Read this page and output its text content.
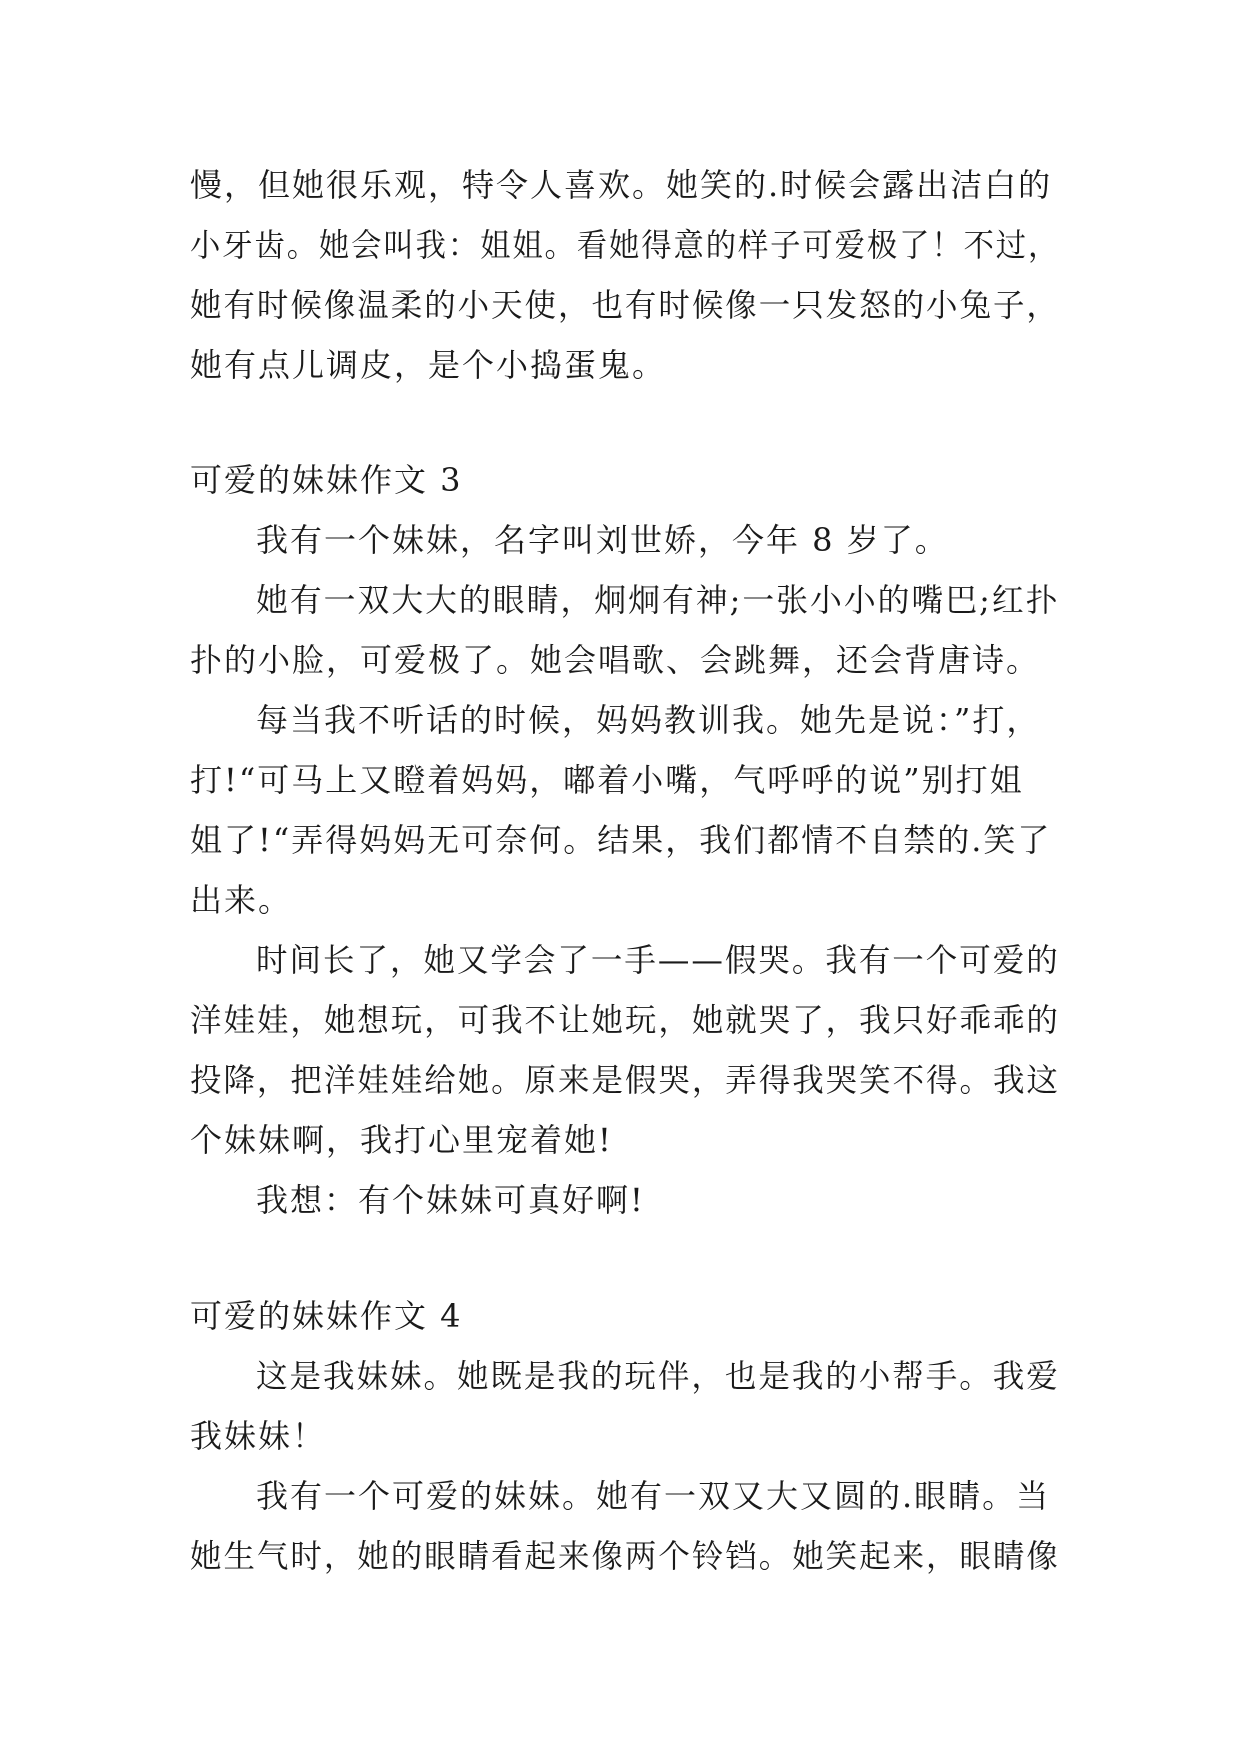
慢，但她很乐观，特令人喜欢。她笑的.时候会露出洁白的
小牙齿。她会叫我：姐姐。看她得意的样子可爱极了！不过，
她有时候像温柔的小天使，也有时候像一只发怒的小兔子，
她有点儿调皮，是个小捣蛋鬼。
可爱的妹妹作文 3
我有一个妹妹，名字叫刘世娇，今年 8 岁了。
她有一双大大的眼睛，炯炯有神;一张小小的嘴巴;红扑
扑的小脸，可爱极了。她会唱歌、会跳舞，还会背唐诗。
每当我不听话的时候，妈妈教训我。她先是说：”打，
打!“可马上又瞪着妈妈，嘟着小嘴，气呼呼的说”别打姐
姐了!“弄得妈妈无可奈何。结果，我们都情不自禁的.笑了
出来。
时间长了，她又学会了一手——假哭。我有一个可爱的
洋娃娃，她想玩，可我不让她玩，她就哭了，我只好乖乖的
投降，把洋娃娃给她。原来是假哭，弄得我哭笑不得。我这
个妹妹啊，我打心里宠着她!
我想：有个妹妹可真好啊!
可爱的妹妹作文 4
这是我妹妹。她既是我的玩伴，也是我的小帮手。我爱
我妹妹！
我有一个可爱的妹妹。她有一双又大又圆的.眼睛。当
她生气时，她的眼睛看起来像两个铃铛。她笑起来，眼睛像
